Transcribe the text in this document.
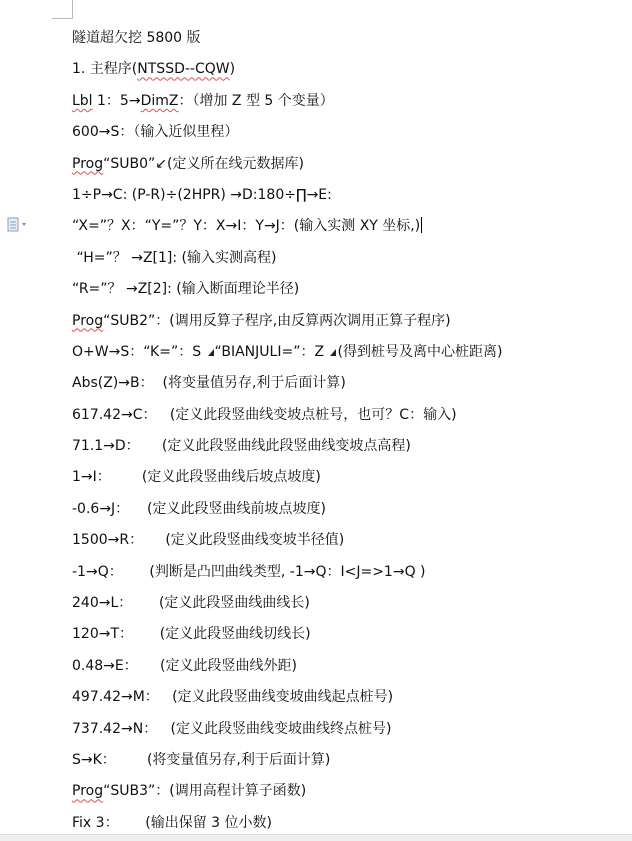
隧道超欠挖 5800 版
1. 主程序(NTSSD--CQW)
Lbl 1：5→DimZ：（增加 Z 型 5 个变量）
600→S：（输入近似里程）
Prog“SUB0”↙(定义所在线元数据库)
1÷P→C: (P-R)÷(2HPR) →D:180÷∏→E:
“X=”？X：“Y=”？Y：X→I：Y→J：(输入实测 XY 坐标,)
“H=”？ →Z[1]: (输入实测高程)
“R=”？ →Z[2]: (输入断面理论半径)
Prog“SUB2”：(调用反算子程序,由反算两次调用正算子程序)
O+W→S：“K=”：S “BIANJULI=”：Z (得到桩号及离中心桩距离)
Abs(Z)→B：  (将变量值另存,利于后面计算)
617.42→C：   (定义此段竖曲线变坡点桩号，也可？C：输入)
71.1→D：     (定义此段竖曲线此段竖曲线变坡点高程)
1→I：       (定义此段竖曲线后坡点坡度)
-0.6→J：    (定义此段竖曲线前坡点坡度)
1500→R：     (定义此段竖曲线变坡半径值)
-1→Q：      (判断是凸凹曲线类型, -1→Q：I<J=>1→Q )
240→L：      (定义此段竖曲线曲线长)
120→T：      (定义此段竖曲线切线长)
0.48→E：     (定义此段竖曲线外距)
497.42→M：   (定义此段竖曲线变坡曲线起点桩号)
737.42→N：   (定义此段竖曲线变坡曲线终点桩号)
S→K：       (将变量值另存,利于后面计算)
Prog“SUB3”：(调用高程计算子函数)
Fix 3：      (输出保留 3 位小数)
